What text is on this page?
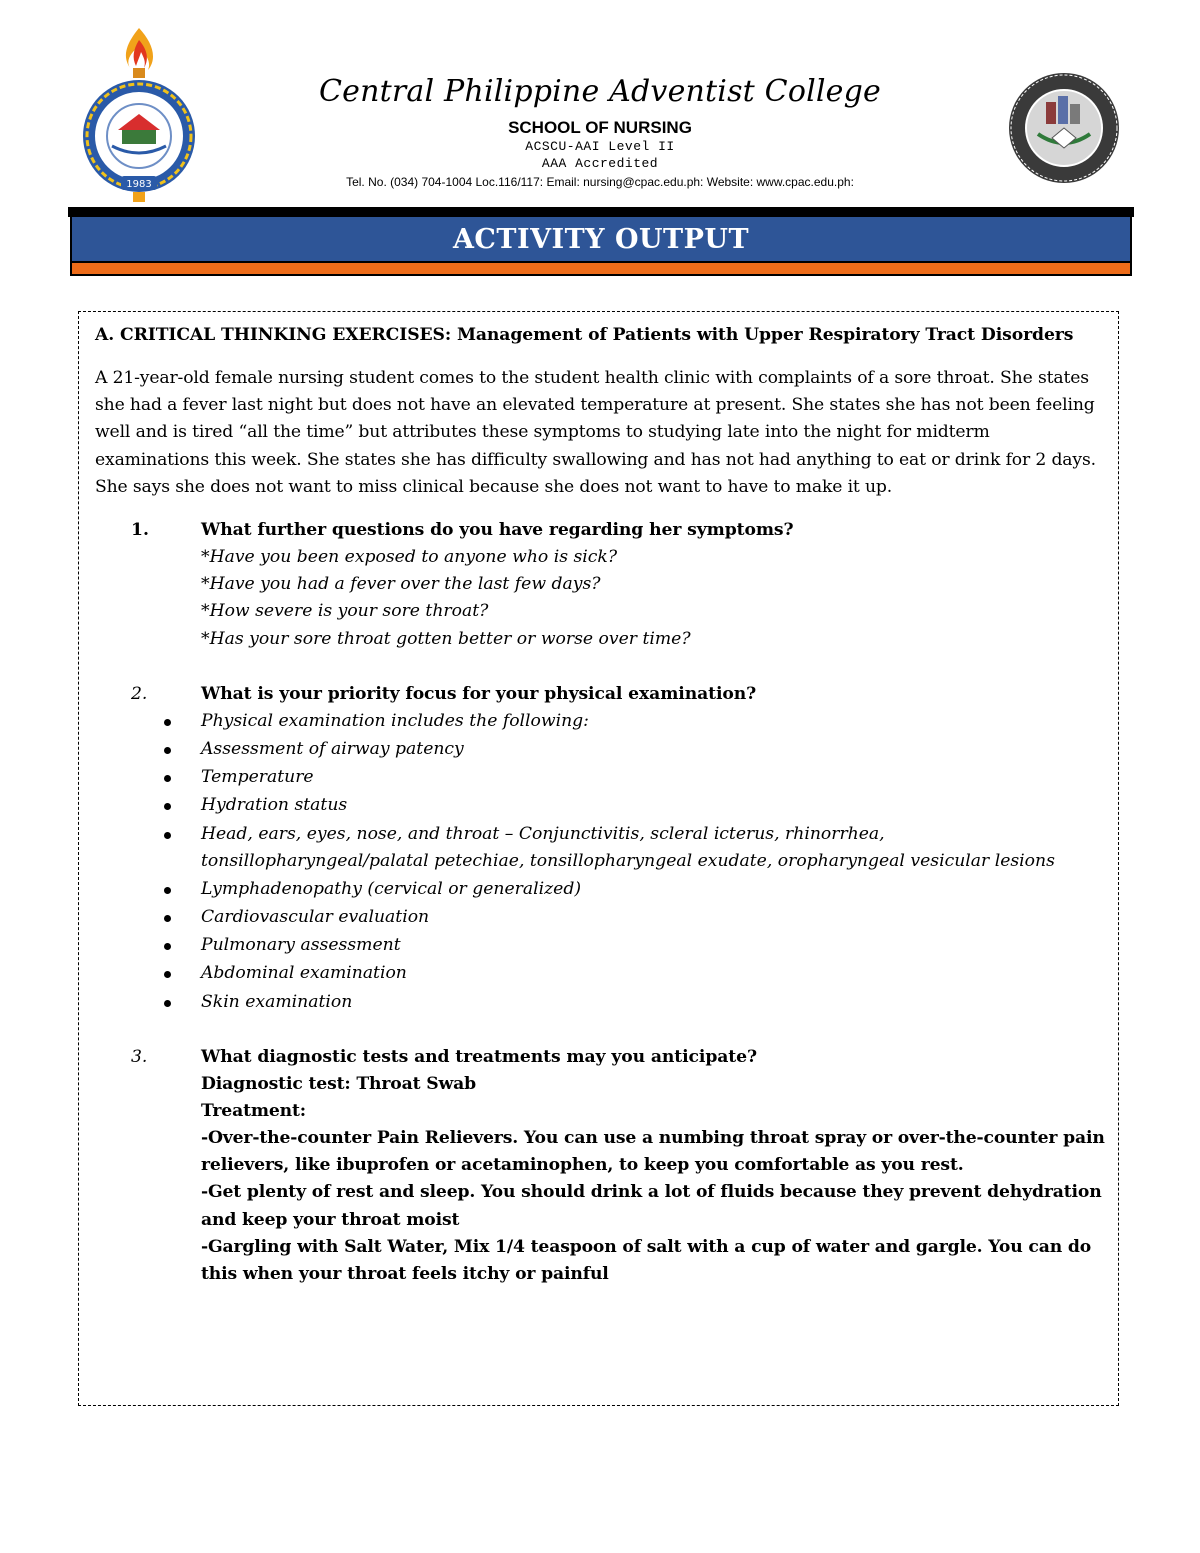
1983
Central Philippine Adventist College
SCHOOL OF NURSING
ACSCU-AAI Level II
AAA Accredited
Tel. No. (034) 704-1004 Loc.116/117: Email: nursing@cpac.edu.ph: Website: www.cpac.edu.ph:
ACTIVITY OUTPUT
A. CRITICAL THINKING EXERCISES: Management of Patients with Upper Respiratory Tract Disorders
A 21-year-old female nursing student comes to the student health clinic with complaints of a sore throat. She states she had a fever last night but does not have an elevated temperature at present. She states she has not been feeling well and is tired “all the time” but attributes these symptoms to studying late into the night for midterm examinations this week. She states she has difficulty swallowing and has not had anything to eat or drink for 2 days. She says she does not want to miss clinical because she does not want to have to make it up.
1.	What further questions do you have regarding her symptoms?
*Have you been exposed to anyone who is sick?
*Have you had a fever over the last few days?
*How severe is your sore throat?
*Has your sore throat gotten better or worse over time?
2.	What is your priority focus for your physical examination?
Physical examination includes the following:
Assessment of airway patency
Temperature
Hydration status
Head, ears, eyes, nose, and throat – Conjunctivitis, scleral icterus, rhinorrhea, tonsillopharyngeal/palatal petechiae, tonsillopharyngeal exudate, oropharyngeal vesicular lesions
Lymphadenopathy (cervical or generalized)
Cardiovascular evaluation
Pulmonary assessment
Abdominal examination
Skin examination
3.	What diagnostic tests and treatments may you anticipate?
Diagnostic test: Throat Swab
Treatment:
-Over-the-counter Pain Relievers. You can use a numbing throat spray or over-the-counter pain relievers, like ibuprofen or acetaminophen, to keep you comfortable as you rest.
-Get plenty of rest and sleep. You should drink a lot of fluids because they prevent dehydration and keep your throat moist
-Gargling with Salt Water, Mix 1/4 teaspoon of salt with a cup of water and gargle. You can do this when your throat feels itchy or painful
